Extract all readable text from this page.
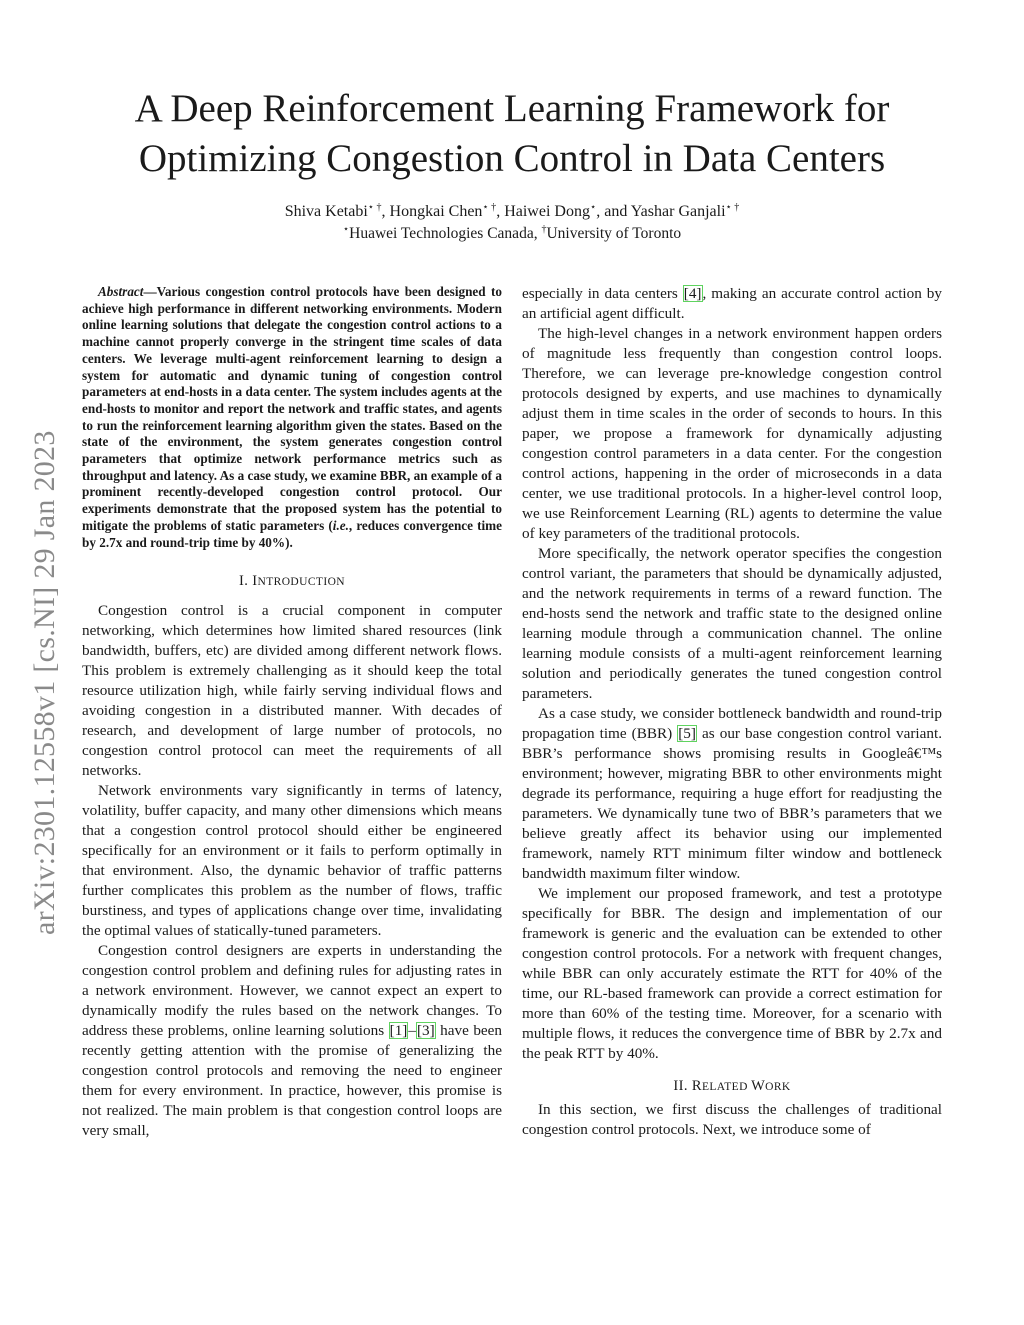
arXiv:2301.12558v1 [cs.NI] 29 Jan 2023
A Deep Reinforcement Learning Framework for
Optimizing Congestion Control in Data Centers
Shiva Ketabi⋆ †, Hongkai Chen⋆ †, Haiwei Dong⋆, and Yashar Ganjali⋆ †
⋆Huawei Technologies Canada, †University of Toronto

Abstract—Various congestion control protocols have been designed to achieve high performance in different networking environments. Modern online learning solutions that delegate the congestion control actions to a machine cannot properly converge in the stringent time scales of data centers. We leverage multi-agent reinforcement learning to design a system for automatic and dynamic tuning of congestion control parameters at end-hosts in a data center. The system includes agents at the end-hosts to monitor and report the network and traffic states, and agents to run the reinforcement learning algorithm given the states. Based on the state of the environment, the system generates congestion control parameters that optimize network performance metrics such as throughput and latency. As a case study, we examine BBR, an example of a prominent recently-developed congestion control protocol. Our experiments demonstrate that the proposed system has the potential to mitigate the problems of static parameters (i.e., reduces convergence time by 2.7x and round-trip time by 40%).

I. INTRODUCTION

Congestion control is a crucial component in computer networking, which determines how limited shared resources (link bandwidth, buffers, etc) are divided among different network flows. This problem is extremely challenging as it should keep the total resource utilization high, while fairly serving individual flows and avoiding congestion in a distributed manner. With decades of research, and development of large number of protocols, no congestion control protocol can meet the requirements of all networks.

Network environments vary significantly in terms of latency, volatility, buffer capacity, and many other dimensions which means that a congestion control protocol should either be engineered specifically for an environment or it fails to perform optimally in that environment. Also, the dynamic behavior of traffic patterns further complicates this problem as the number of flows, traffic burstiness, and types of applications change over time, invalidating the optimal values of statically-tuned parameters.

Congestion control designers are experts in understanding the congestion control problem and defining rules for adjusting rates in a network environment. However, we cannot expect an expert to dynamically modify the rules based on the network changes. To address these problems, online learning solutions [1]–[3] have been recently getting attention with the promise of generalizing the congestion control protocols and removing the need to engineer them for every environment. In practice, however, this promise is not realized. The main problem is that congestion control loops are very small,

especially in data centers [4], making an accurate control action by an artificial agent difficult.

The high-level changes in a network environment happen orders of magnitude less frequently than congestion control loops. Therefore, we can leverage pre-knowledge congestion control protocols designed by experts, and use machines to dynamically adjust them in time scales in the order of seconds to hours. In this paper, we propose a framework for dynamically adjusting congestion control parameters in a data center. For the congestion control actions, happening in the order of microseconds in a data center, we use traditional protocols. In a higher-level control loop, we use Reinforcement Learning (RL) agents to determine the value of key parameters of the traditional protocols.

More specifically, the network operator specifies the congestion control variant, the parameters that should be dynamically adjusted, and the network requirements in terms of a reward function. The end-hosts send the network and traffic state to the designed online learning module through a communication channel. The online learning module consists of a multi-agent reinforcement learning solution and periodically generates the tuned congestion control parameters.

As a case study, we consider bottleneck bandwidth and round-trip propagation time (BBR) [5] as our base congestion control variant. BBR’s performance shows promising results in Googleâ€™s environment; however, migrating BBR to other environments might degrade its performance, requiring a huge effort for readjusting the parameters. We dynamically tune two of BBR’s parameters that we believe greatly affect its behavior using our implemented framework, namely RTT minimum filter window and bottleneck bandwidth maximum filter window.

We implement our proposed framework, and test a prototype specifically for BBR. The design and implementation of our framework is generic and the evaluation can be extended to other congestion control protocols. For a network with frequent changes, while BBR can only accurately estimate the RTT for 40% of the time, our RL-based framework can provide a correct estimation for more than 60% of the testing time. Moreover, for a scenario with multiple flows, it reduces the convergence time of BBR by 2.7x and the peak RTT by 40%.

II. RELATED WORK

In this section, we first discuss the challenges of traditional congestion control protocols. Next, we introduce some of
